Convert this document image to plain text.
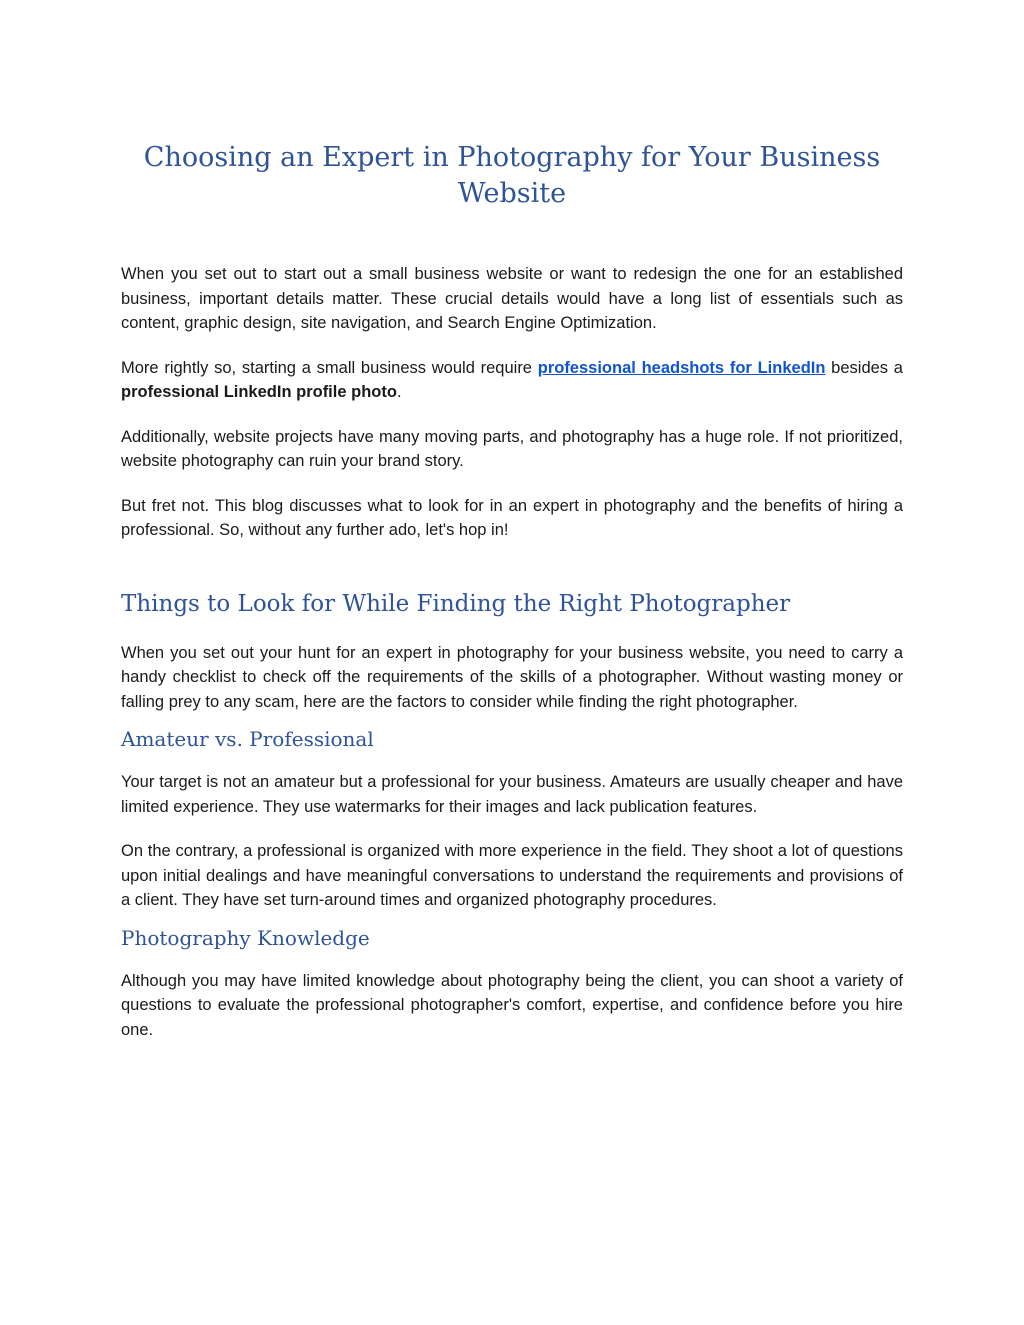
Choosing an Expert in Photography for Your Business Website

When you set out to start out a small business website or want to redesign the one for an established business, important details matter. These crucial details would have a long list of essentials such as content, graphic design, site navigation, and Search Engine Optimization.

More rightly so, starting a small business would require professional headshots for LinkedIn besides a professional LinkedIn profile photo.

Additionally, website projects have many moving parts, and photography has a huge role. If not prioritized, website photography can ruin your brand story.

But fret not. This blog discusses what to look for in an expert in photography and the benefits of hiring a professional. So, without any further ado, let's hop in!

Things to Look for While Finding the Right Photographer

When you set out your hunt for an expert in photography for your business website, you need to carry a handy checklist to check off the requirements of the skills of a photographer. Without wasting money or falling prey to any scam, here are the factors to consider while finding the right photographer.

Amateur vs. Professional

Your target is not an amateur but a professional for your business. Amateurs are usually cheaper and have limited experience. They use watermarks for their images and lack publication features.

On the contrary, a professional is organized with more experience in the field. They shoot a lot of questions upon initial dealings and have meaningful conversations to understand the requirements and provisions of a client. They have set turn-around times and organized photography procedures.

Photography Knowledge

Although you may have limited knowledge about photography being the client, you can shoot a variety of questions to evaluate the professional photographer's comfort, expertise, and confidence before you hire one.
